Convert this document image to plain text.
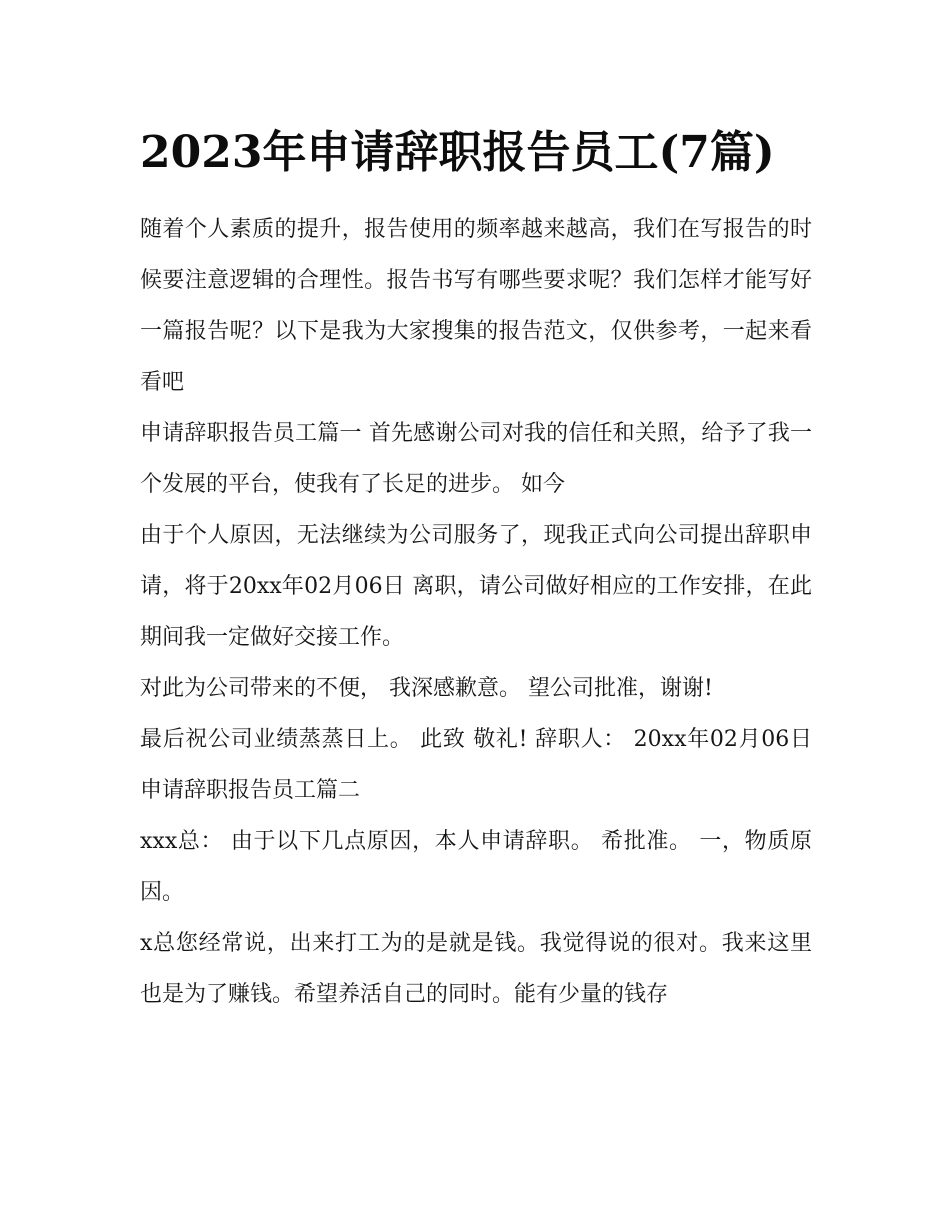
2023年申请辞职报告员工(7篇)

随着个人素质的提升，报告使用的频率越来越高，我们在写报告的时候要注意逻辑的合理性。报告书写有哪些要求呢？我们怎样才能写好一篇报告呢？以下是我为大家搜集的报告范文，仅供参考，一起来看看吧

申请辞职报告员工篇一 首先感谢公司对我的信任和关照，给予了我一个发展的平台，使我有了长足的进步。 如今

由于个人原因，无法继续为公司服务了，现我正式向公司提出辞职申请，将于20xx年02月06日 离职，请公司做好相应的工作安排，在此期间我一定做好交接工作。

对此为公司带来的不便， 我深感歉意。 望公司批准，谢谢!

最后祝公司业绩蒸蒸日上。 此致 敬礼! 辞职人： 20xx年02月06日 申请辞职报告员工篇二

xxx总： 由于以下几点原因，本人申请辞职。 希批准。 一，物质原因。

x总您经常说，出来打工为的是就是钱。我觉得说的很对。我来这里也是为了赚钱。希望养活自己的同时。能有少量的钱存
